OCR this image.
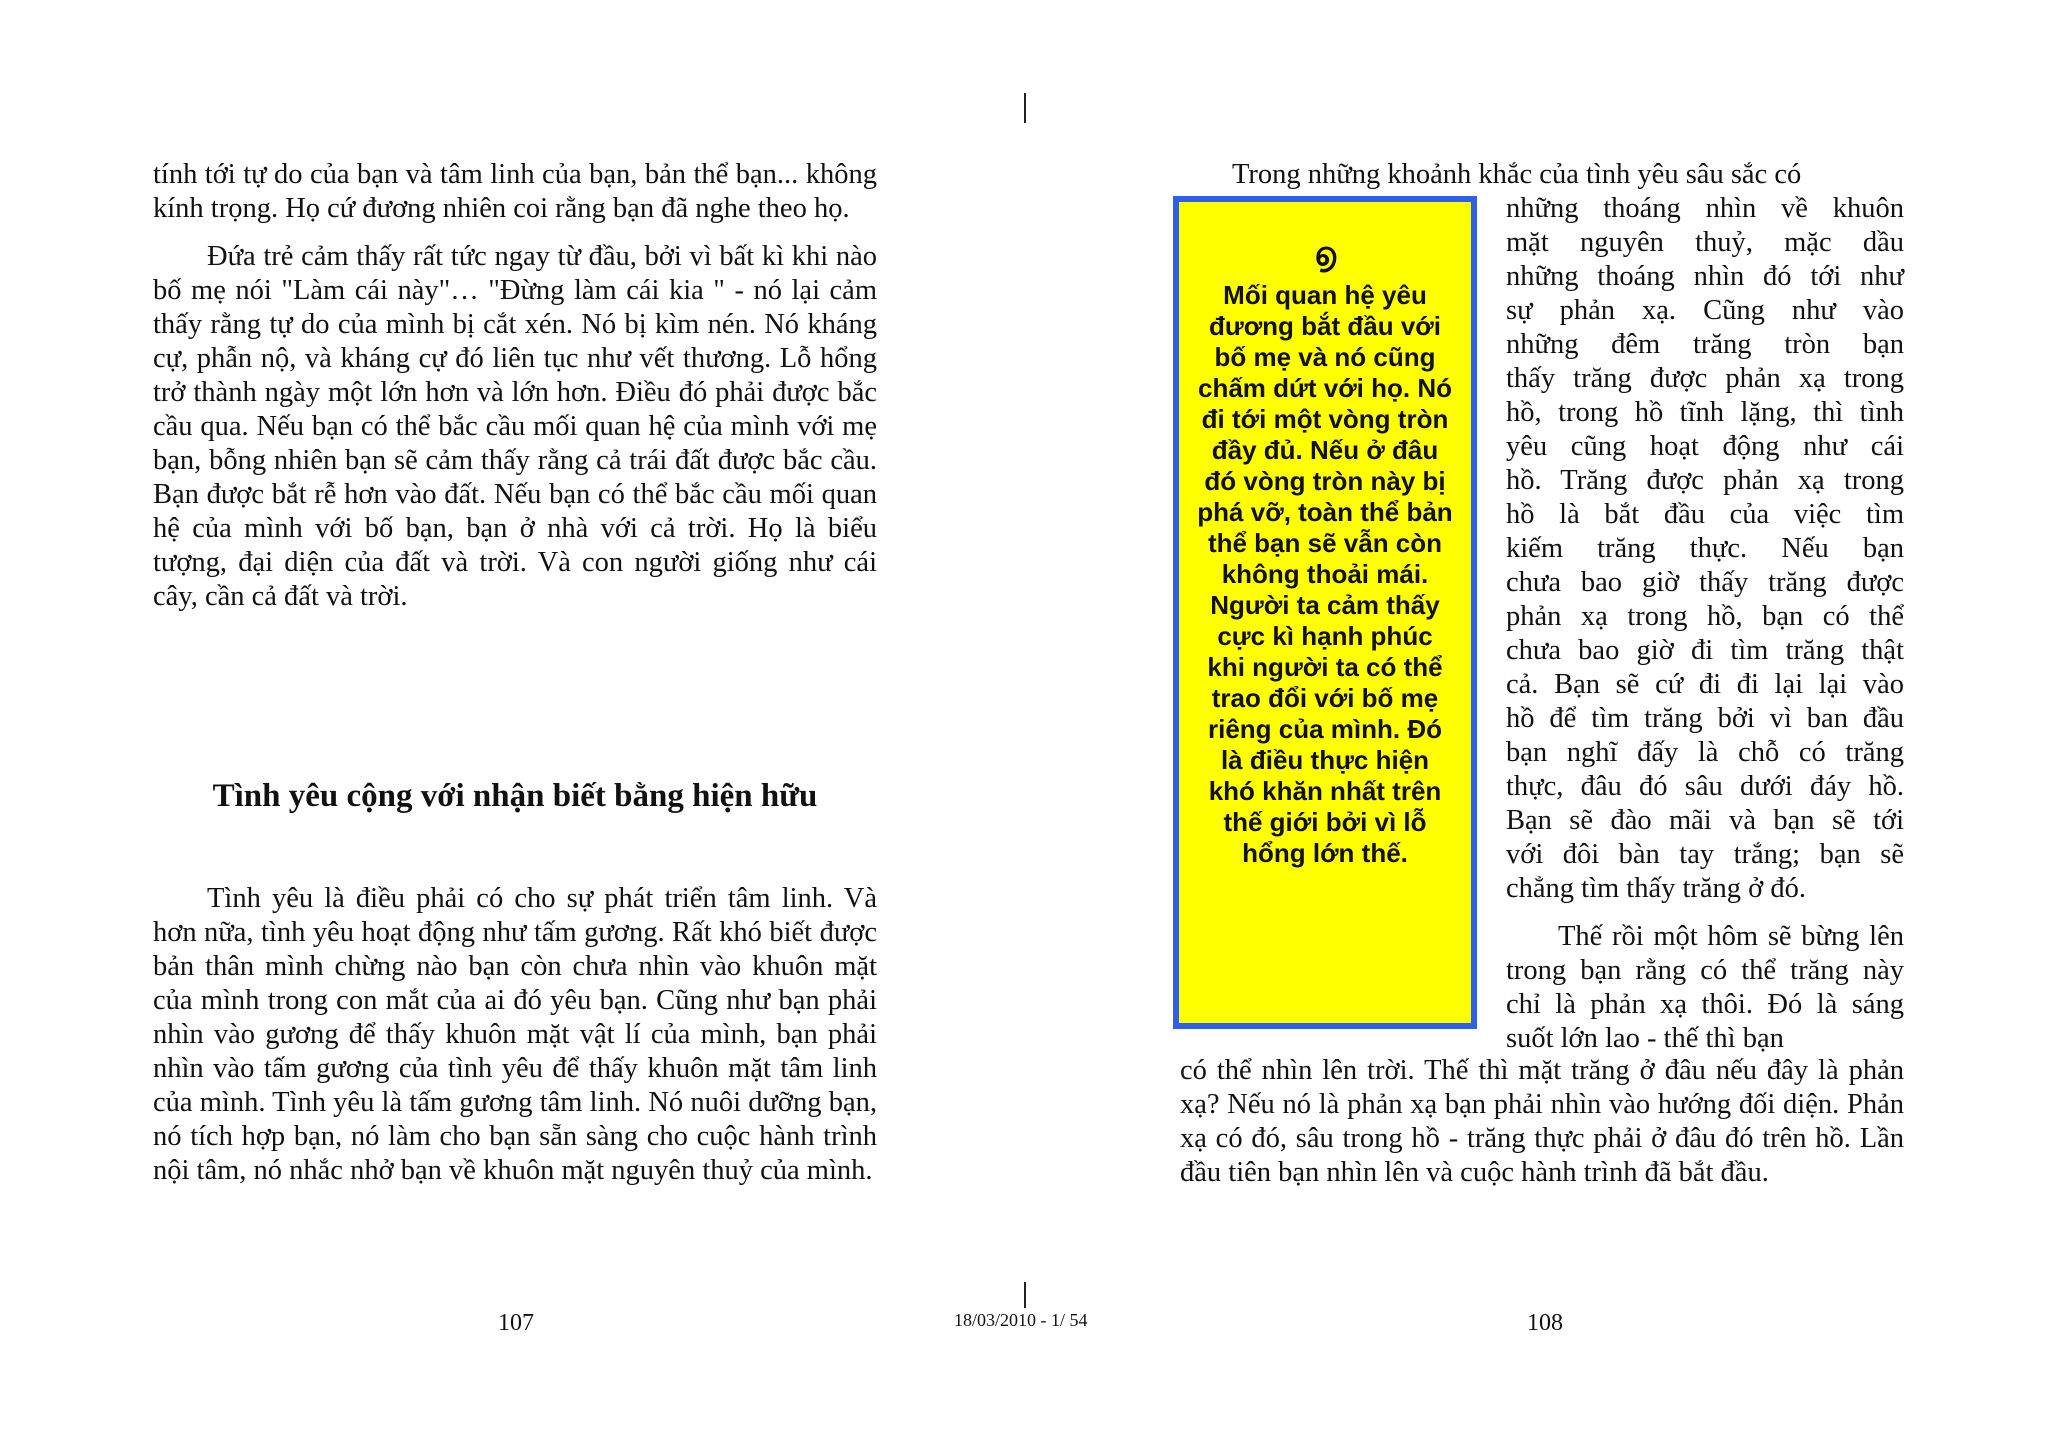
tính tới tự do của bạn và tâm linh của bạn, bản thể bạn... không kính trọng. Họ cứ đương nhiên coi rằng bạn đã nghe theo họ.

Đứa trẻ cảm thấy rất tức ngay từ đầu, bởi vì bất kì khi nào bố mẹ nói "Làm cái này"… "Đừng làm cái kia " - nó lại cảm thấy rằng tự do của mình bị cắt xén. Nó bị kìm nén. Nó kháng cự, phẫn nộ, và kháng cự đó liên tục như vết thương. Lỗ hổng trở thành ngày một lớn hơn và lớn hơn. Điều đó phải được bắc cầu qua. Nếu bạn có thể bắc cầu mối quan hệ của mình với mẹ bạn, bỗng nhiên bạn sẽ cảm thấy rằng cả trái đất được bắc cầu. Bạn được bắt rễ hơn vào đất. Nếu bạn có thể bắc cầu mối quan hệ của mình với bố bạn, bạn ở nhà với cả trời. Họ là biểu tượng, đại diện của đất và trời. Và con người giống như cái cây, cần cả đất và trời.

Tình yêu cộng với nhận biết bằng hiện hữu

Tình yêu là điều phải có cho sự phát triển tâm linh. Và hơn nữa, tình yêu hoạt động như tấm gương. Rất khó biết được bản thân mình chừng nào bạn còn chưa nhìn vào khuôn mặt của mình trong con mắt của ai đó yêu bạn. Cũng như bạn phải nhìn vào gương để thấy khuôn mặt vật lí của mình, bạn phải nhìn vào tấm gương của tình yêu để thấy khuôn mặt tâm linh của mình. Tình yêu là tấm gương tâm linh. Nó nuôi dưỡng bạn, nó tích hợp bạn, nó làm cho bạn sẵn sàng cho cuộc hành trình nội tâm, nó nhắc nhở bạn về khuôn mặt nguyên thuỷ của mình.

107

Trong những khoảnh khắc của tình yêu sâu sắc có

những thoáng nhìn về khuôn
mặt nguyên thuỷ, mặc dầu
những thoáng nhìn đó tới như
sự phản xạ. Cũng như vào
những đêm trăng tròn bạn
thấy trăng được phản xạ trong
hồ, trong hồ tĩnh lặng, thì tình
yêu cũng hoạt động như cái
hồ. Trăng được phản xạ trong
hồ là bắt đầu của việc tìm
kiếm trăng thực. Nếu bạn
chưa bao giờ thấy trăng được
phản xạ trong hồ, bạn có thể
chưa bao giờ đi tìm trăng thật
cả. Bạn sẽ cứ đi đi lại lại vào
hồ để tìm trăng bởi vì ban đầu
bạn nghĩ đấy là chỗ có trăng
thực, đâu đó sâu dưới đáy hồ.
Bạn sẽ đào mãi và bạn sẽ tới
với đôi bàn tay trắng; bạn sẽ
chẳng tìm thấy trăng ở đó.

Thế rồi một hôm sẽ bừng lên trong bạn rằng có thể trăng này chỉ là phản xạ thôi. Đó là sáng suốt lớn lao - thế thì bạn

có thể nhìn lên trời. Thế thì mặt trăng ở đâu nếu đây là phản xạ? Nếu nó là phản xạ bạn phải nhìn vào hướng đối diện. Phản xạ có đó, sâu trong hồ - trăng thực phải ở đâu đó trên hồ. Lần đầu tiên bạn nhìn lên và cuộc hành trình đã bắt đầu.

108
൭

Mối quan hệ yêu đương bắt đầu với bố mẹ và nó cũng chấm dứt với họ. Nó đi tới một vòng tròn đầy đủ. Nếu ở đâu đó vòng tròn này bị phá vỡ, toàn thể bản thể bạn sẽ vẫn còn không thoải mái. Người ta cảm thấy cực kì hạnh phúc khi người ta có thể trao đổi với bố mẹ riêng của mình. Đó là điều thực hiện khó khăn nhất trên thế giới bởi vì lỗ hổng lớn thế.

18/03/2010 - 1/ 54
